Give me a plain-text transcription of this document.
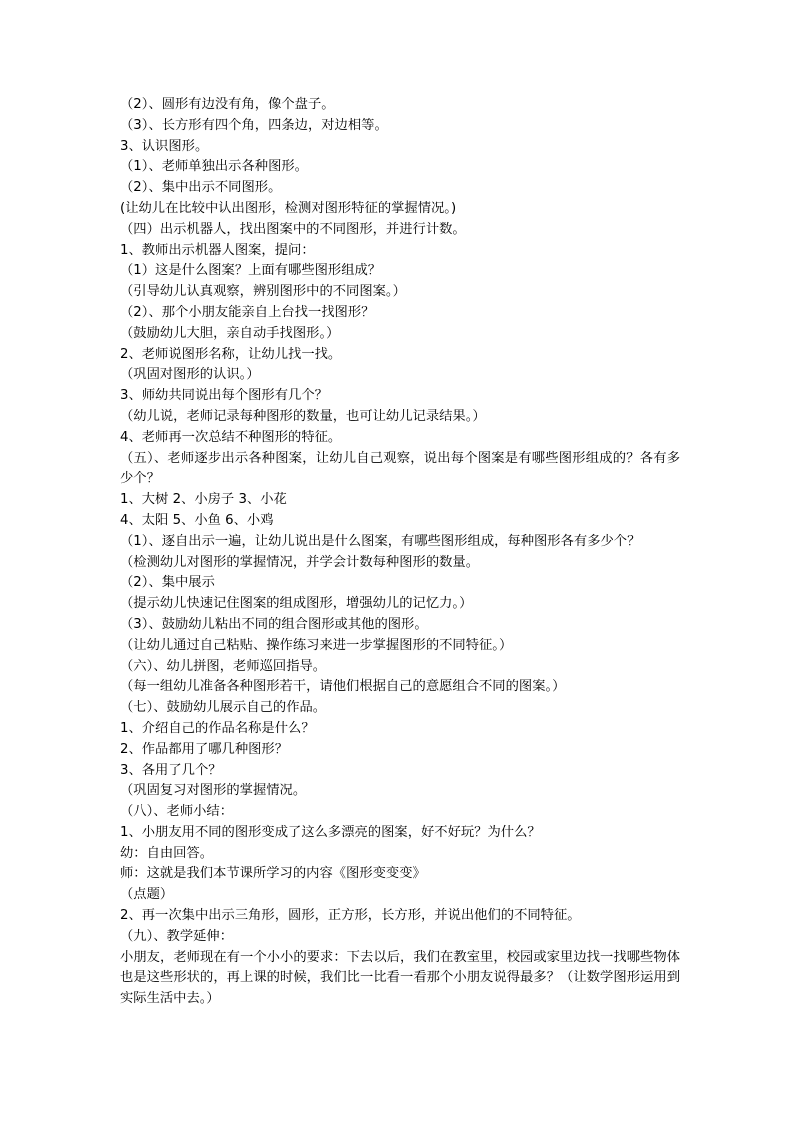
（2）、圆形有边没有角，像个盘子。
（3）、长方形有四个角，四条边，对边相等。
3、认识图形。
（1）、老师单独出示各种图形。
（2）、集中出示不同图形。
(让幼儿在比较中认出图形，检测对图形特征的掌握情况。)
（四）出示机器人，找出图案中的不同图形，并进行计数。
1、教师出示机器人图案，提问：
（1）这是什么图案？上面有哪些图形组成？
（引导幼儿认真观察，辨别图形中的不同图案。）
（2）、那个小朋友能亲自上台找一找图形？
（鼓励幼儿大胆，亲自动手找图形。）
2、老师说图形名称，让幼儿找一找。
（巩固对图形的认识。）
3、师幼共同说出每个图形有几个？
（幼儿说，老师记录每种图形的数量，也可让幼儿记录结果。）
4、老师再一次总结不种图形的特征。
（五）、老师逐步出示各种图案，让幼儿自己观察，说出每个图案是有哪些图形组成的？各有多少个？
1、大树 2、小房子 3、小花
4、太阳 5、小鱼 6、小鸡
（1）、逐自出示一遍，让幼儿说出是什么图案，有哪些图形组成，每种图形各有多少个？
（检测幼儿对图形的掌握情况，并学会计数每种图形的数量。
（2）、集中展示
（提示幼儿快速记住图案的组成图形，增强幼儿的记忆力。）
（3）、鼓励幼儿粘出不同的组合图形或其他的图形。
（让幼儿通过自己粘贴、操作练习来进一步掌握图形的不同特征。）
（六）、幼儿拼图，老师巡回指导。
（每一组幼儿准备各种图形若干，请他们根据自己的意愿组合不同的图案。）
（七）、鼓励幼儿展示自己的作品。
1、介绍自己的作品名称是什么？
2、作品都用了哪几种图形？
3、各用了几个？
（巩固复习对图形的掌握情况。
（八）、老师小结：
1、小朋友用不同的图形变成了这么多漂亮的图案，好不好玩？为什么？
幼：自由回答。
师：这就是我们本节课所学习的内容《图形变变变》
（点题）
2、再一次集中出示三角形，圆形，正方形，长方形，并说出他们的不同特征。
（九）、教学延伸：
小朋友，老师现在有一个小小的要求：下去以后，我们在教室里，校园或家里边找一找哪些物体也是这些形状的，再上课的时候，我们比一比看一看那个小朋友说得最多？（让数学图形运用到实际生活中去。）
